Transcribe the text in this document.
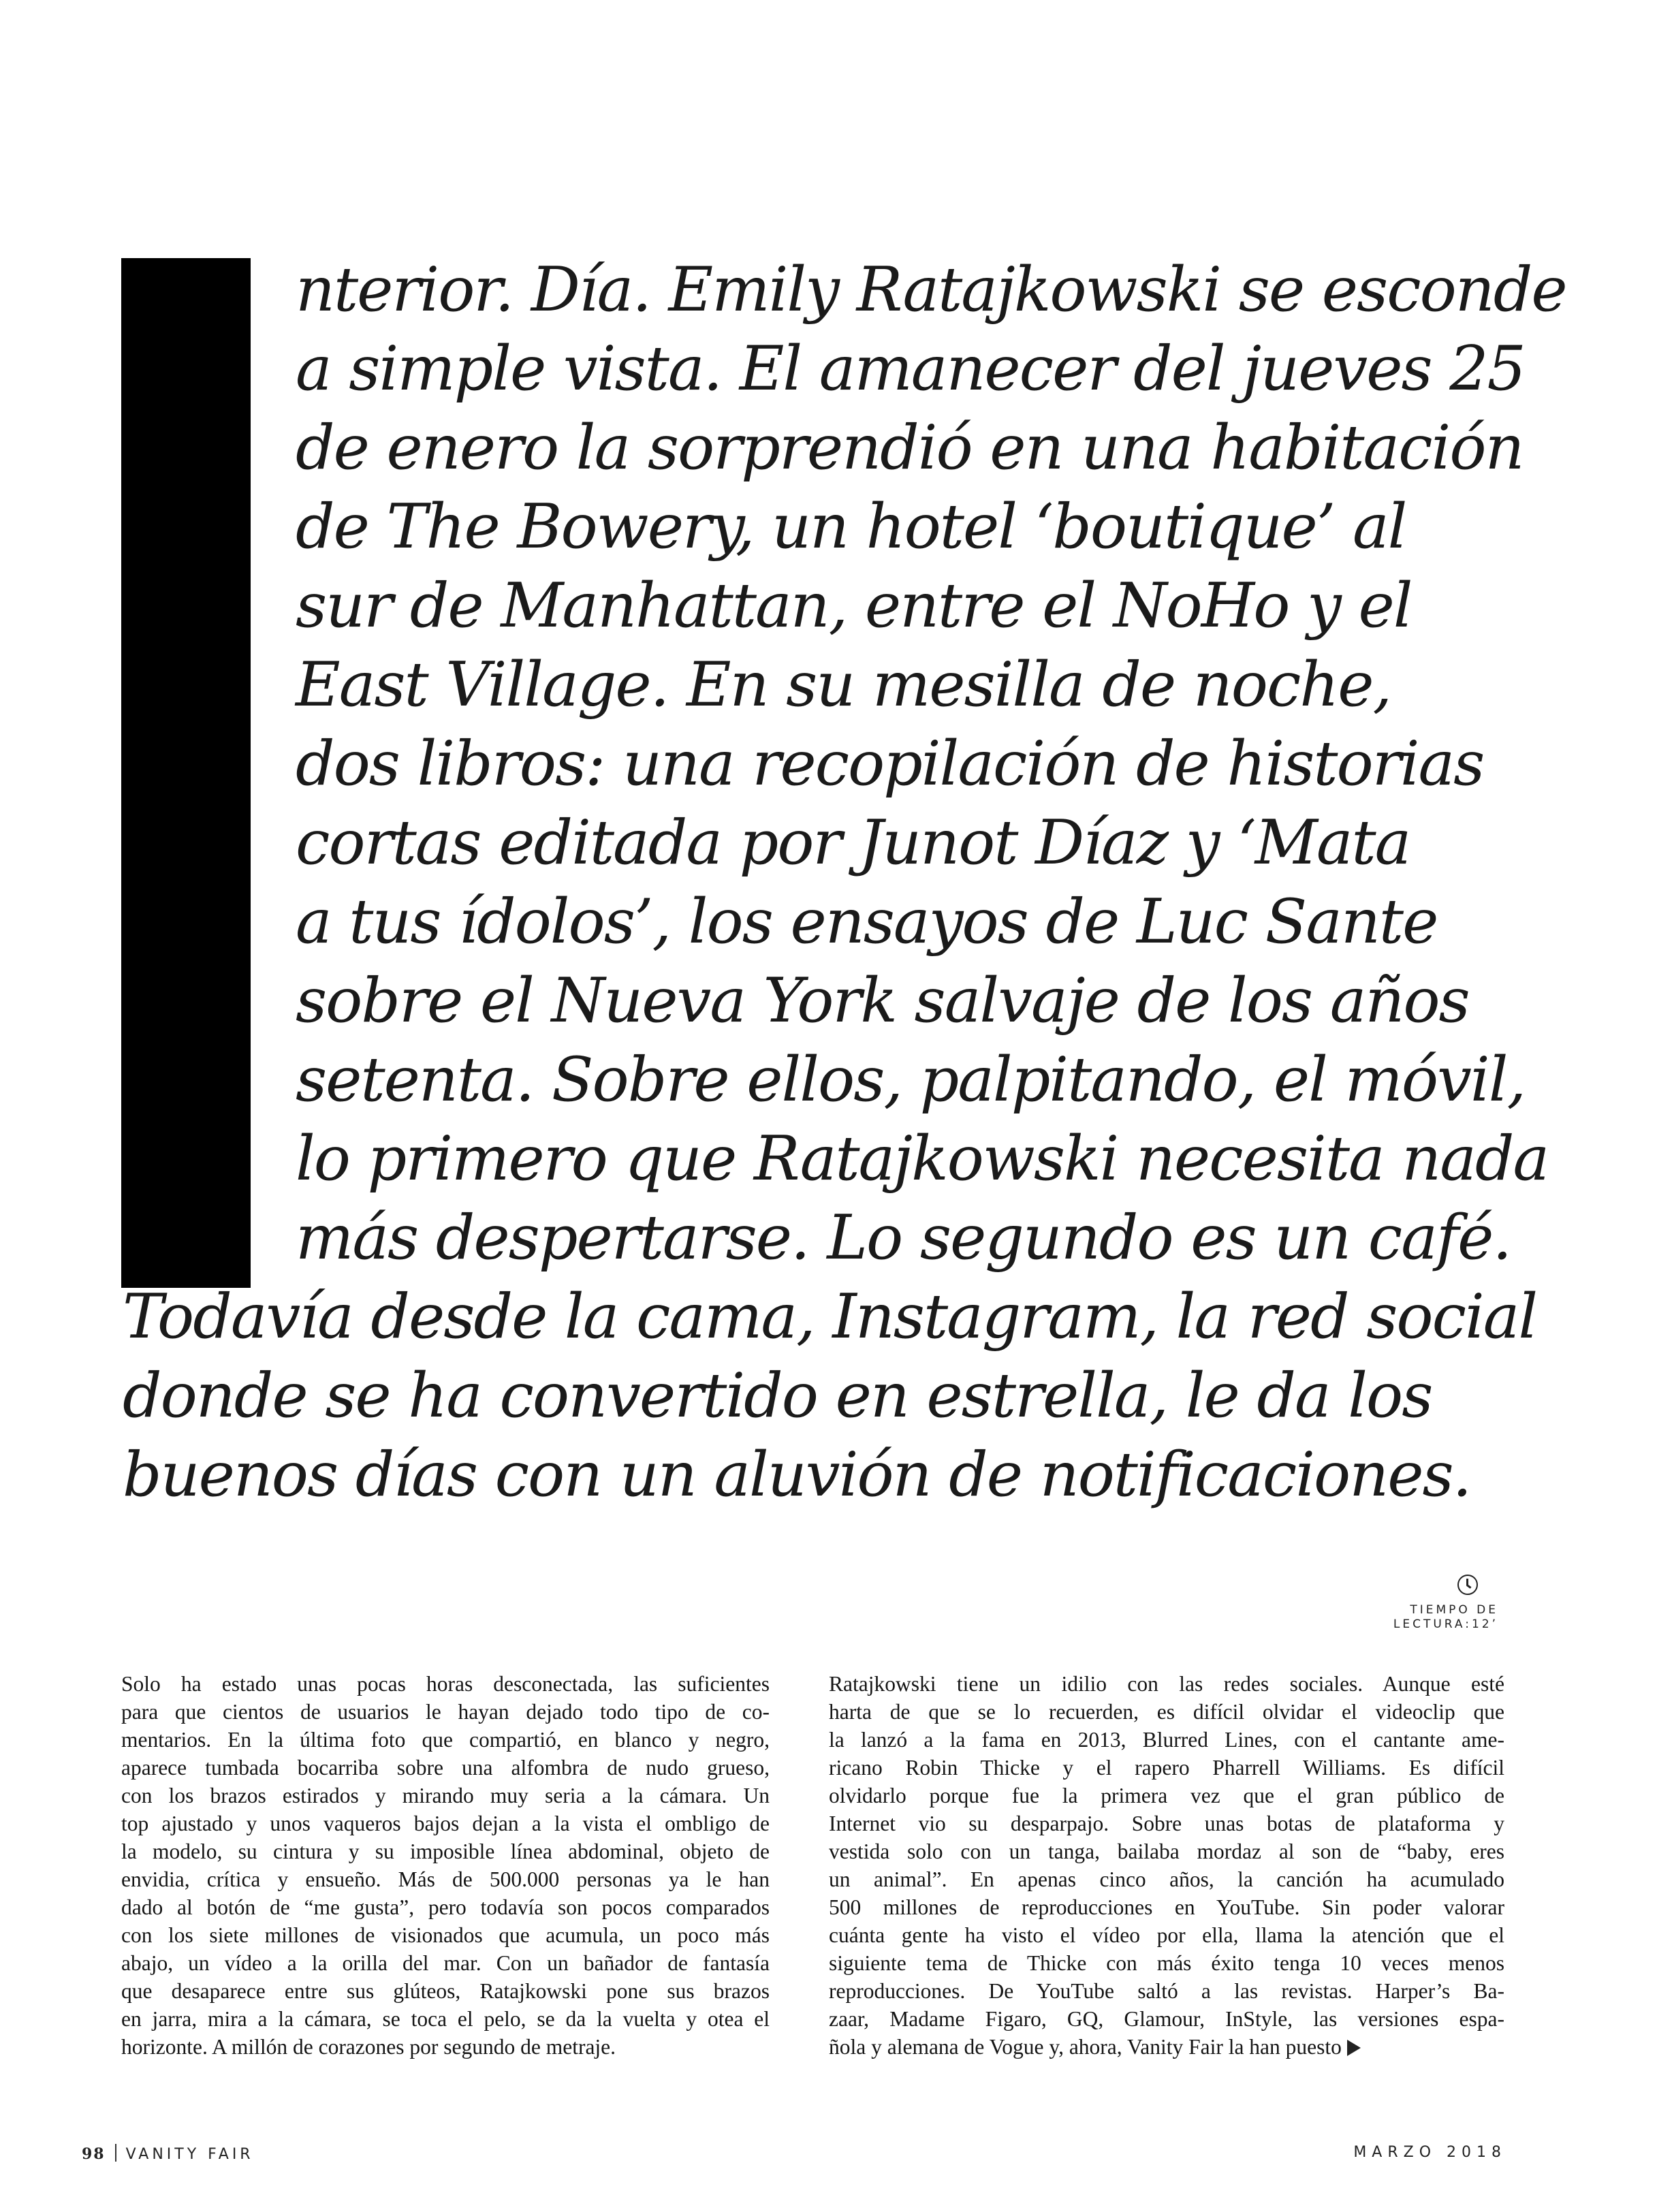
nterior. Día. Emily Ratajkowski se esconde
a simple vista. El amanecer del jueves 25
de enero la sorprendió en una habitación
de The Bowery, un hotel ‘boutique’ al
sur de Manhattan, entre el NoHo y el
East Village. En su mesilla de noche,
dos libros: una recopilación de historias
cortas editada por Junot Díaz y ‘Mata
a tus ídolos’, los ensayos de Luc Sante
sobre el Nueva York salvaje de los años
setenta. Sobre ellos, palpitando, el móvil,
lo primero que Ratajkowski necesita nada
más despertarse. Lo segundo es un café.
Todavía desde la cama, Instagram, la red social
donde se ha convertido en estrella, le da los
buenos días con un aluvión de notificaciones.
TIEMPO DE
LECTURA:12’
Solo ha estado unas pocas horas desconectada, las suficientes
para que cientos de usuarios le hayan dejado todo tipo de co-
mentarios. En la última foto que compartió, en blanco y negro,
aparece tumbada bocarriba sobre una alfombra de nudo grueso,
con los brazos estirados y mirando muy seria a la cámara. Un
top ajustado y unos vaqueros bajos dejan a la vista el ombligo de
la modelo, su cintura y su imposible línea abdominal, objeto de
envidia, crítica y ensueño. Más de 500.000 personas ya le han
dado al botón de “me gusta”, pero todavía son pocos comparados
con los siete millones de visionados que acumula, un poco más
abajo, un vídeo a la orilla del mar. Con un bañador de fantasía
que desaparece entre sus glúteos, Ratajkowski pone sus brazos
en jarra, mira a la cámara, se toca el pelo, se da la vuelta y otea el
horizonte. A millón de corazones por segundo de metraje.
Ratajkowski tiene un idilio con las redes sociales. Aunque esté
harta de que se lo recuerden, es difícil olvidar el videoclip que
la lanzó a la fama en 2013, Blurred Lines, con el cantante ame-
ricano Robin Thicke y el rapero Pharrell Williams. Es difícil
olvidarlo porque fue la primera vez que el gran público de
Internet vio su desparpajo. Sobre unas botas de plataforma y
vestida solo con un tanga, bailaba mordaz al son de “baby, eres
un animal”. En apenas cinco años, la canción ha acumulado
500 millones de reproducciones en YouTube. Sin poder valorar
cuánta gente ha visto el vídeo por ella, llama la atención que el
siguiente tema de Thicke con más éxito tenga 10 veces menos
reproducciones. De YouTube saltó a las revistas. Harper’s Ba-
zaar, Madame Figaro, GQ, Glamour, InStyle, las versiones espa-
ñola y alemana de Vogue y, ahora, Vanity Fair la han puesto
98 VANITY FAIR	MARZO 2018
